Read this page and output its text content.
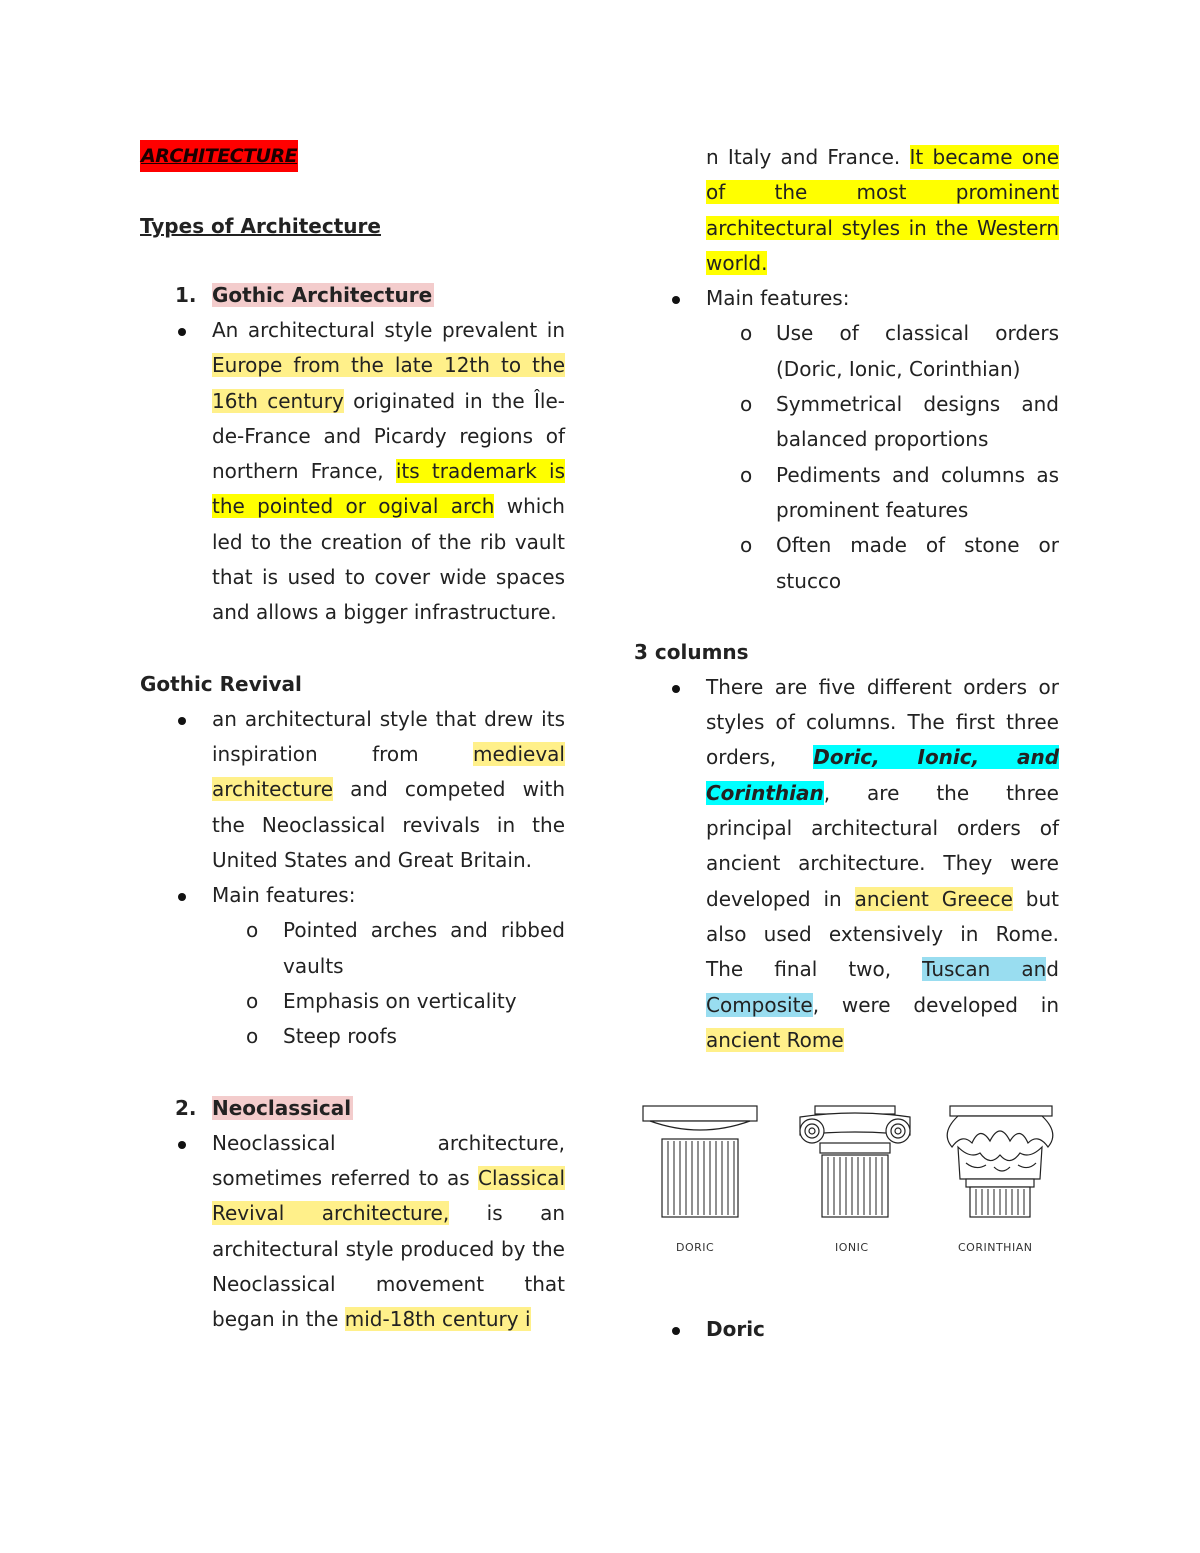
ARCHITECTURE
Types of Architecture
1. Gothic Architecture
An architectural style prevalent in Europe from the late 12th to the 16th century originated in the Île-de-France and Picardy regions of northern France, its trademark is the pointed or ogival arch which led to the creation of the rib vault that is used to cover wide spaces and allows a bigger infrastructure.
Gothic Revival
an architectural style that drew its inspiration from medieval architecture and competed with the Neoclassical revivals in the United States and Great Britain.
Main features:
o Pointed arches and ribbed vaults
o Emphasis on verticality
o Steep roofs
2. Neoclassical
Neoclassical architecture, sometimes referred to as Classical Revival architecture, is an architectural style produced by the Neoclassical movement that began in the mid-18th century i
n Italy and France. It became one of the most prominent architectural styles in the Western world.
Main features:
o Use of classical orders (Doric, Ionic, Corinthian)
o Symmetrical designs and balanced proportions
o Pediments and columns as prominent features
o Often made of stone or stucco
3 columns
There are five different orders or styles of columns. The first three orders, Doric, Ionic, and Corinthian, are the three principal architectural orders of ancient architecture. They were developed in ancient Greece but also used extensively in Rome. The final two, Tuscan and Composite, were developed in ancient Rome
DORIC	IONIC	CORINTHIAN
Doric
